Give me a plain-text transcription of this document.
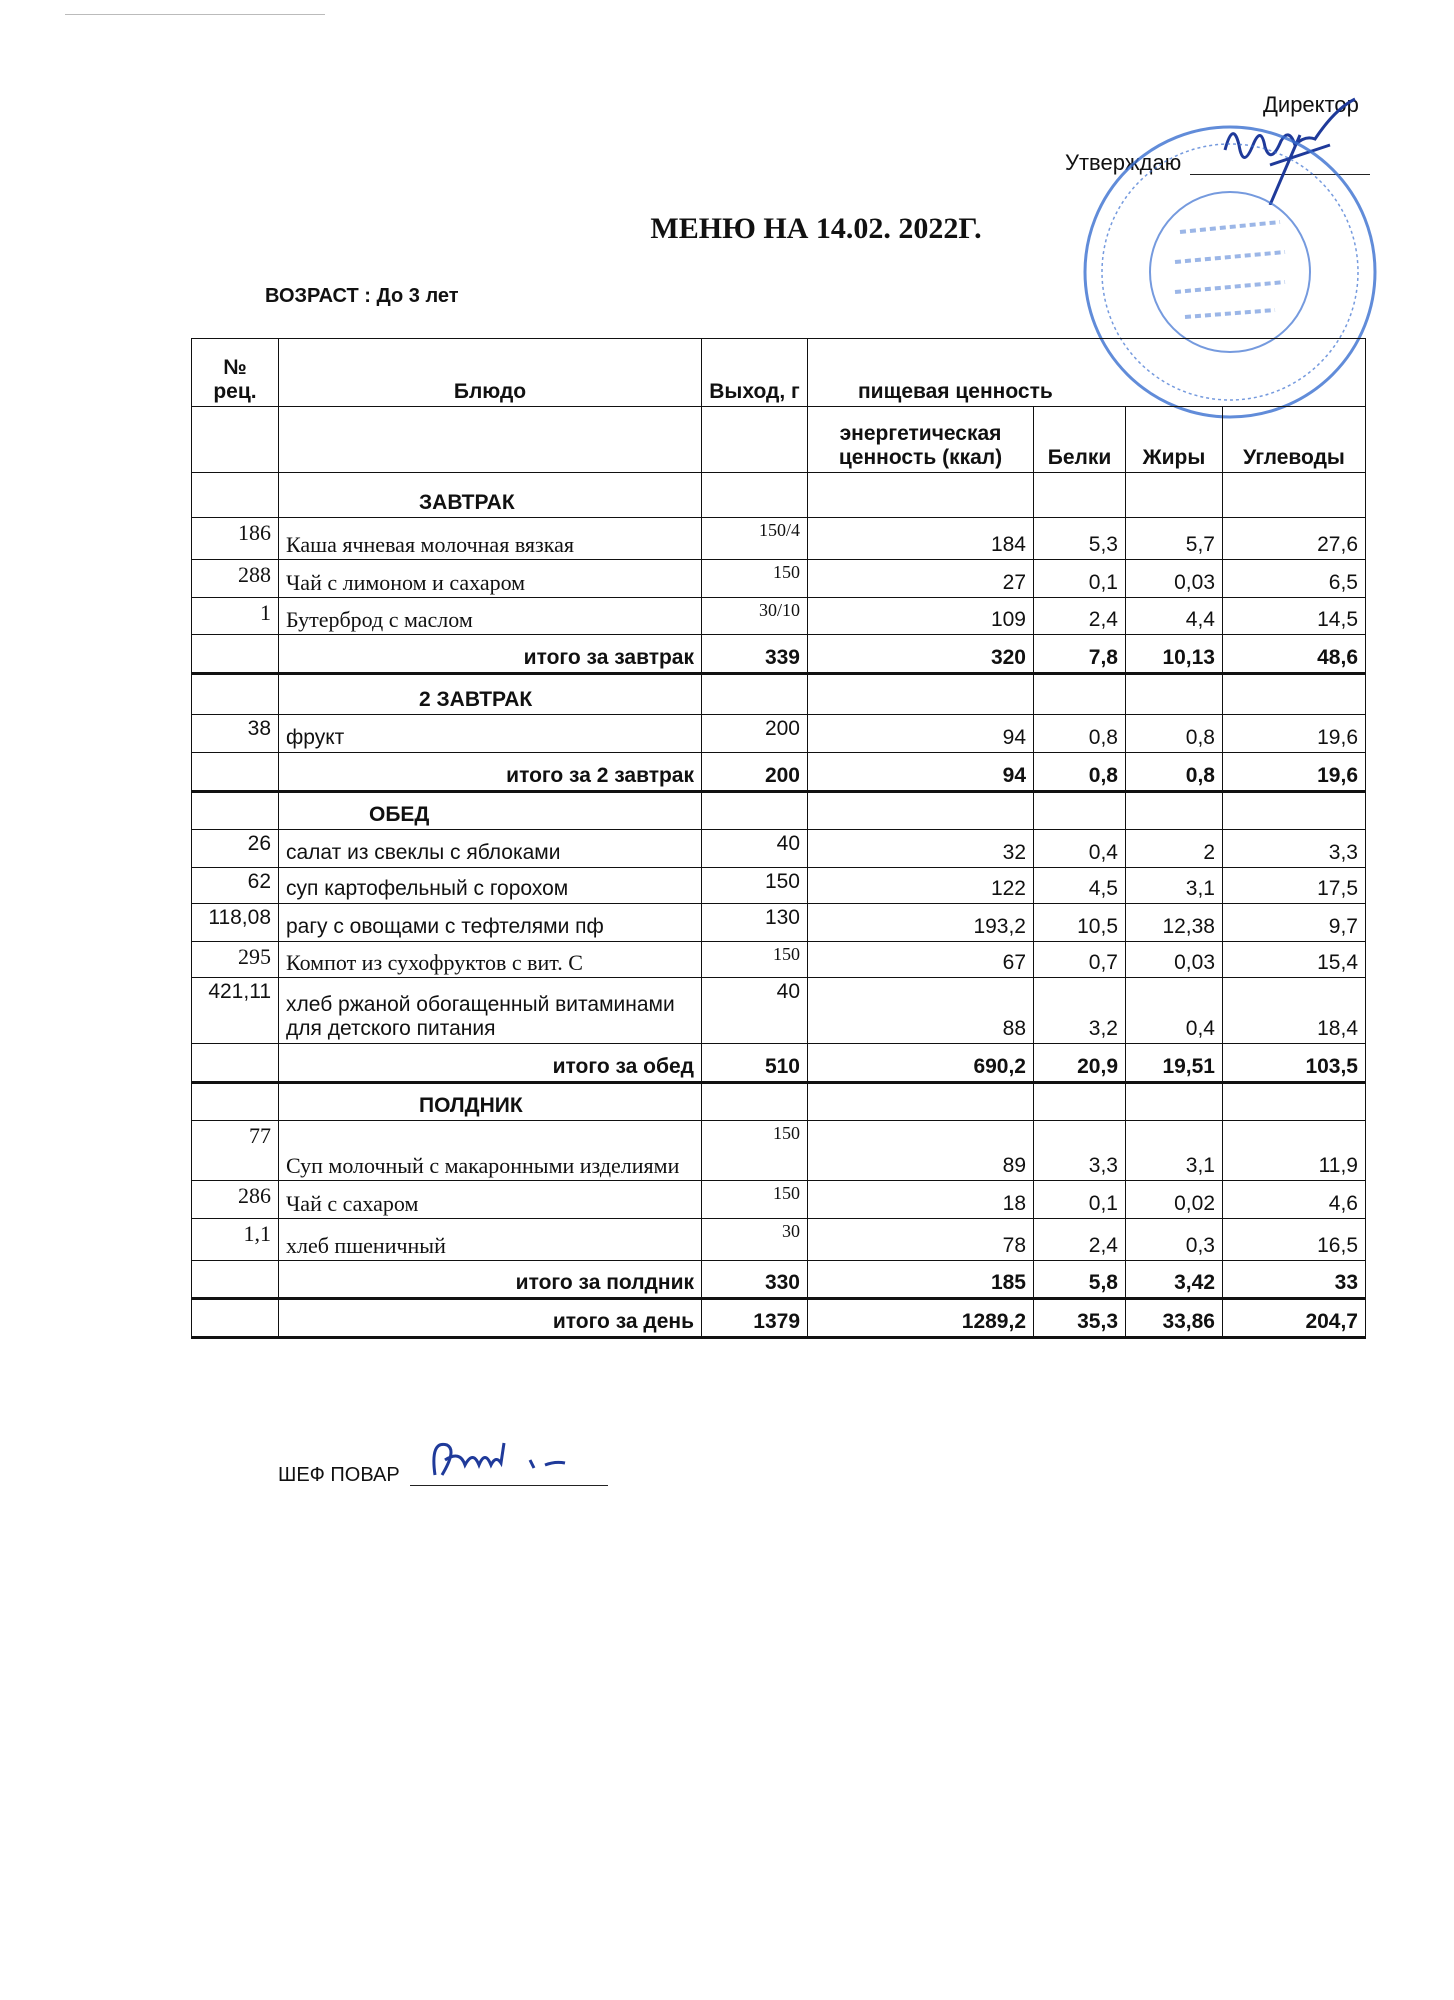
Директор
Утверждаю
МЕНЮ НА 14.02. 2022Г.
ВОЗРАСТ : До 3 лет
№ рец.	Блюдо	Выход, г	пищевая ценность			
			энергетическая ценность (ккал)	Белки	Жиры	Углеводы
	ЗАВТРАК					
186	Каша ячневая молочная вязкая	150/4	184	5,3	5,7	27,6
288	Чай с лимоном и сахаром	150	27	0,1	0,03	6,5
1	Бутерброд с маслом	30/10	109	2,4	4,4	14,5
	итого за завтрак	339	320	7,8	10,13	48,6
	2 ЗАВТРАК					
38	фрукт	200	94	0,8	0,8	19,6
	итого за 2 завтрак	200	94	0,8	0,8	19,6
	ОБЕД					
26	салат из свеклы с яблоками	40	32	0,4	2	3,3
62	суп картофельный с горохом	150	122	4,5	3,1	17,5
118,08	рагу с овощами с тефтелями пф	130	193,2	10,5	12,38	9,7
295	Компот из сухофруктов с вит. С	150	67	0,7	0,03	15,4
421,11	хлеб ржаной обогащенный витаминами для детского питания	40	88	3,2	0,4	18,4
	итого за обед	510	690,2	20,9	19,51	103,5
	ПОЛДНИК					
77	Суп молочный с макаронными изделиями	150	89	3,3	3,1	11,9
286	Чай с сахаром	150	18	0,1	0,02	4,6
1,1	хлеб пшеничный	30	78	2,4	0,3	16,5
	итого за полдник	330	185	5,8	3,42	33
	итого за день	1379	1289,2	35,3	33,86	204,7
ШЕФ ПОВАР
